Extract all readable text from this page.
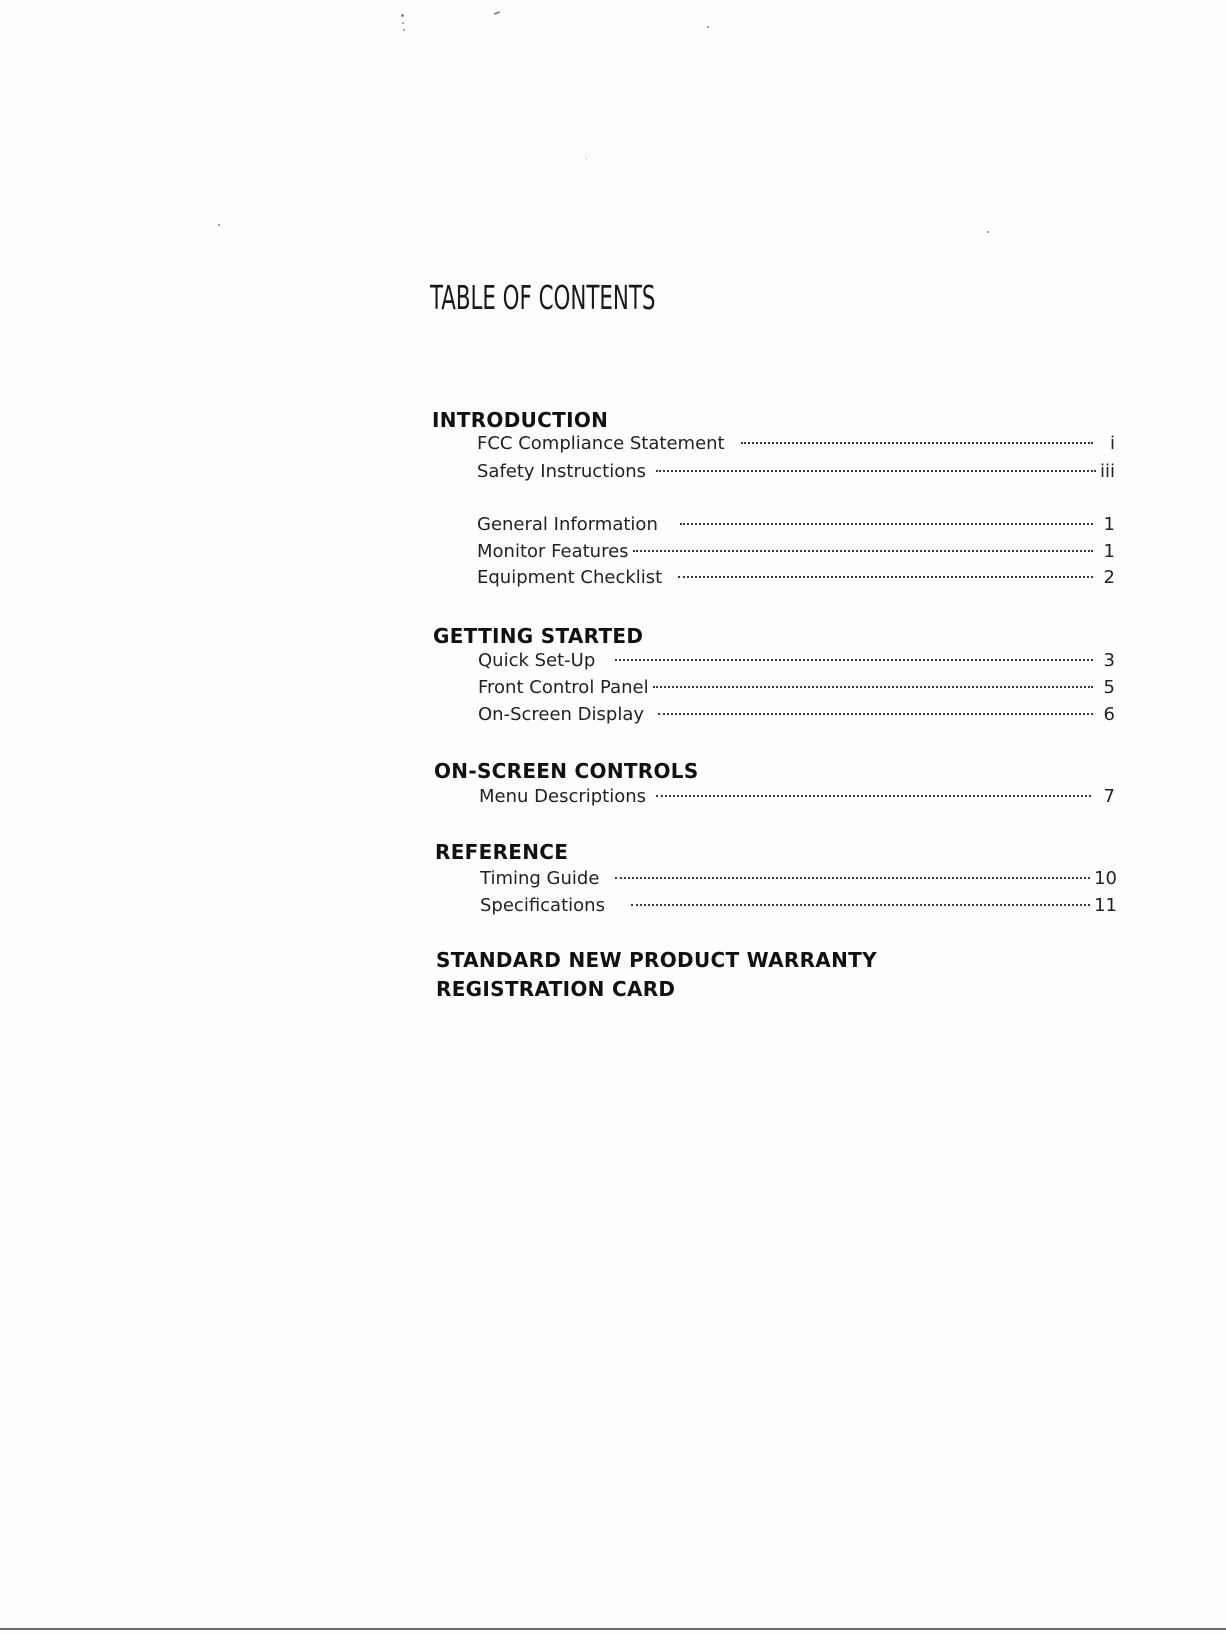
TABLE OF CONTENTS
INTRODUCTION
FCC Compliance Statement	i
Safety Instructions	iii
General Information	1
Monitor Features	1
Equipment Checklist	2
GETTING STARTED
Quick Set-Up	3
Front Control Panel	5
On-Screen Display	6
ON-SCREEN CONTROLS
Menu Descriptions	7
REFERENCE
Timing Guide	10
Specifications	11
STANDARD NEW PRODUCT WARRANTY
REGISTRATION CARD
